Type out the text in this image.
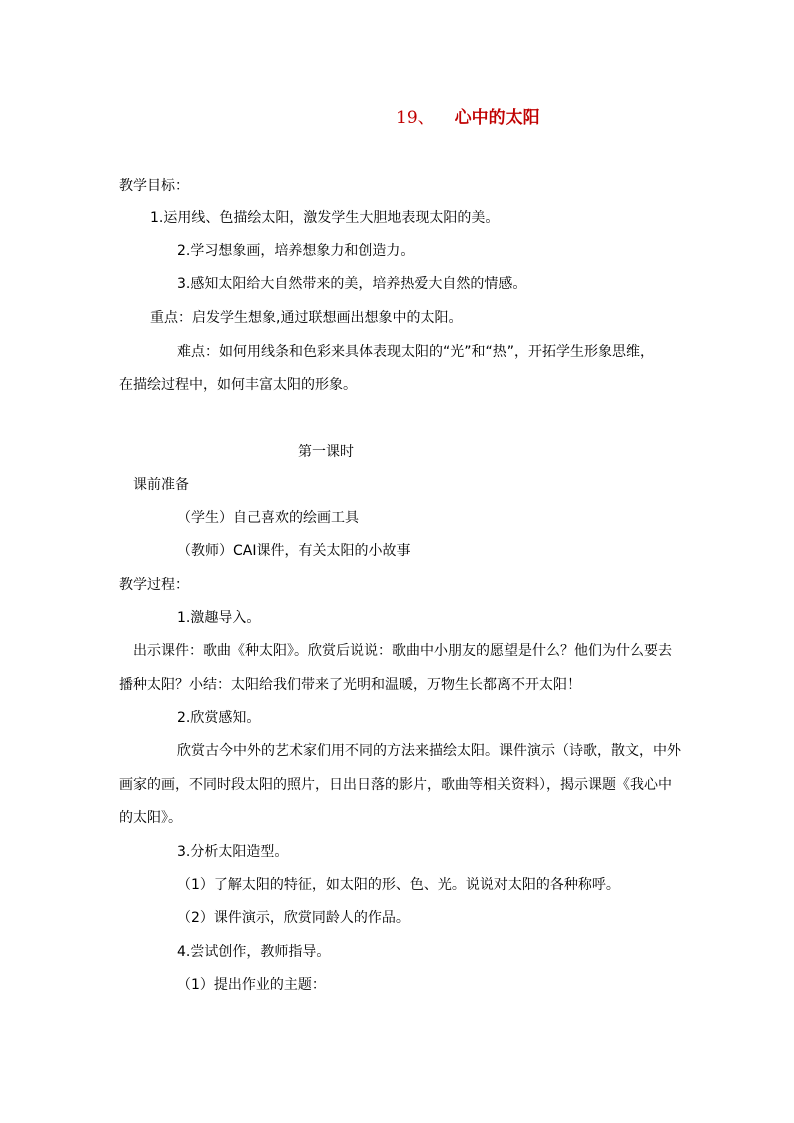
19、 心中的太阳

教学目标：

1.运用线、色描绘太阳，激发学生大胆地表现太阳的美。

2.学习想象画，培养想象力和创造力。

3.感知太阳给大自然带来的美，培养热爱大自然的情感。

重点：启发学生想象,通过联想画出想象中的太阳。

难点：如何用线条和色彩来具体表现太阳的“光”和“热”，开拓学生形象思维，

在描绘过程中，如何丰富太阳的形象。

第一课时

课前准备

（学生）自己喜欢的绘画工具

（教师）CAI课件，有关太阳的小故事

教学过程：

1.激趣导入。

出示课件：歌曲《种太阳》。欣赏后说说：歌曲中小朋友的愿望是什么？他们为什么要去

播种太阳？小结：太阳给我们带来了光明和温暖，万物生长都离不开太阳！

2.欣赏感知。

欣赏古今中外的艺术家们用不同的方法来描绘太阳。课件演示（诗歌，散文，中外

画家的画，不同时段太阳的照片，日出日落的影片，歌曲等相关资料），揭示课题《我心中

的太阳》。

3.分析太阳造型。

（1）了解太阳的特征，如太阳的形、色、光。说说对太阳的各种称呼。

（2）课件演示，欣赏同龄人的作品。

4.尝试创作，教师指导。

（1）提出作业的主题：
